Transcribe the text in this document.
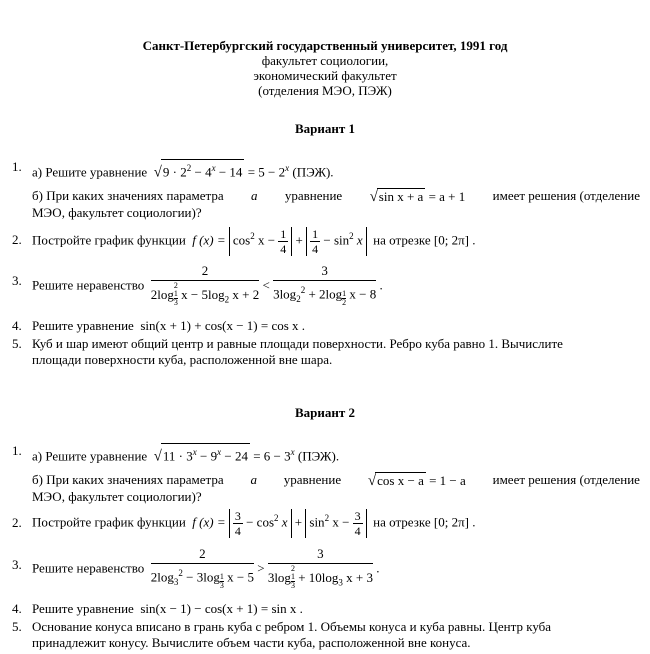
Санкт-Петербургский государственный университет, 1991 год
факультет социологии,
экономический факультет
(отделения МЭО, ПЭЖ)
Вариант 1
1. а) Решите уравнение $√9 \cdot 2^2 - 4^x - 14 = 5 - 2^x$ (ПЭЖ).
б) При каких значениях параметра a уравнение √sin x + a = a + 1 имеет решения (отделение
МЭО, факультет социологии)?
2. Постройте график функции f $(x) = \cos^2 x - \frac{1}{4} + \frac{1}{4} - \sin^2 x$ на отрезке [0; 2π] .
3. Решите неравенство 2
2log
2
1
3
$x - 5\log_2$ $x + 2 < \frac{3}{3\log_2^2 + 2\log \frac{1}{2} x - 8}$ .
4. Решите уравнение sin(x + 1) + cos(x − 1) = cos x .
5. Куб и шар имеют общий центр и равные площади поверхности. Ребро куба равно 1. Вычислите
площади поверхности куба, расположенной вне шара.
Вариант 2
1. а) Решите уравнение $√11 \cdot 3^x - 9^x - 24 = 6 - 3^x$ (ПЭЖ).
б) При каких значениях параметра a уравнение √cos x − a = 1 − a имеет решения (отделение
МЭО, факультет социологии)?
2. Постройте график функции f $(x) = \frac{3}{4} - \cos^2 x + \sin^2 x - \frac{3}{4}$ на отрезке [0; 2π] .
3. Решите неравенство $\frac{2}{2\log_3^2 - 3\log \frac{1}{3} x - 5} > 3$
3log
2
1
3
+ $10\log_3$ x + 3 .
4. Решите уравнение sin(x − 1) − cos(x + 1) = sin x .
5. Основание конуса вписано в грань куба с ребром 1. Объемы конуса и куба равны. Центр куба
принадлежит конусу. Вычислите объем части куба, расположенной вне конуса.
